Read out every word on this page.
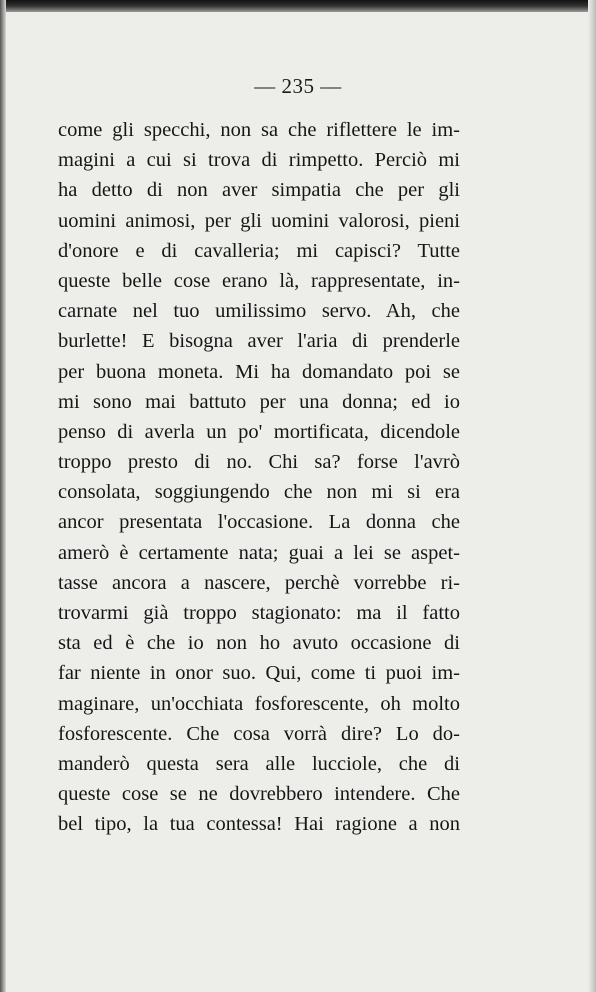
— 235 —
come gli specchi, non sa che riflettere le im-
magini a cui si trova di rimpetto. Perciò mi
ha detto di non aver simpatia che per gli
uomini animosi, per gli uomini valorosi, pieni
d'onore e di cavalleria; mi capisci? Tutte
queste belle cose erano là, rappresentate, in-
carnate nel tuo umilissimo servo. Ah, che
burlette! E bisogna aver l'aria di prenderle
per buona moneta. Mi ha domandato poi se
mi sono mai battuto per una donna; ed io
penso di averla un po' mortificata, dicendole
troppo presto di no. Chi sa? forse l'avrò
consolata, soggiungendo che non mi si era
ancor presentata l'occasione. La donna che
amerò è certamente nata; guai a lei se aspet-
tasse ancora a nascere, perchè vorrebbe ri-
trovarmi già troppo stagionato: ma il fatto
sta ed è che io non ho avuto occasione di
far niente in onor suo. Qui, come ti puoi im-
maginare, un'occhiata fosforescente, oh molto
fosforescente. Che cosa vorrà dire? Lo do-
manderò questa sera alle lucciole, che di
queste cose se ne dovrebbero intendere. Che
bel tipo, la tua contessa! Hai ragione a non
